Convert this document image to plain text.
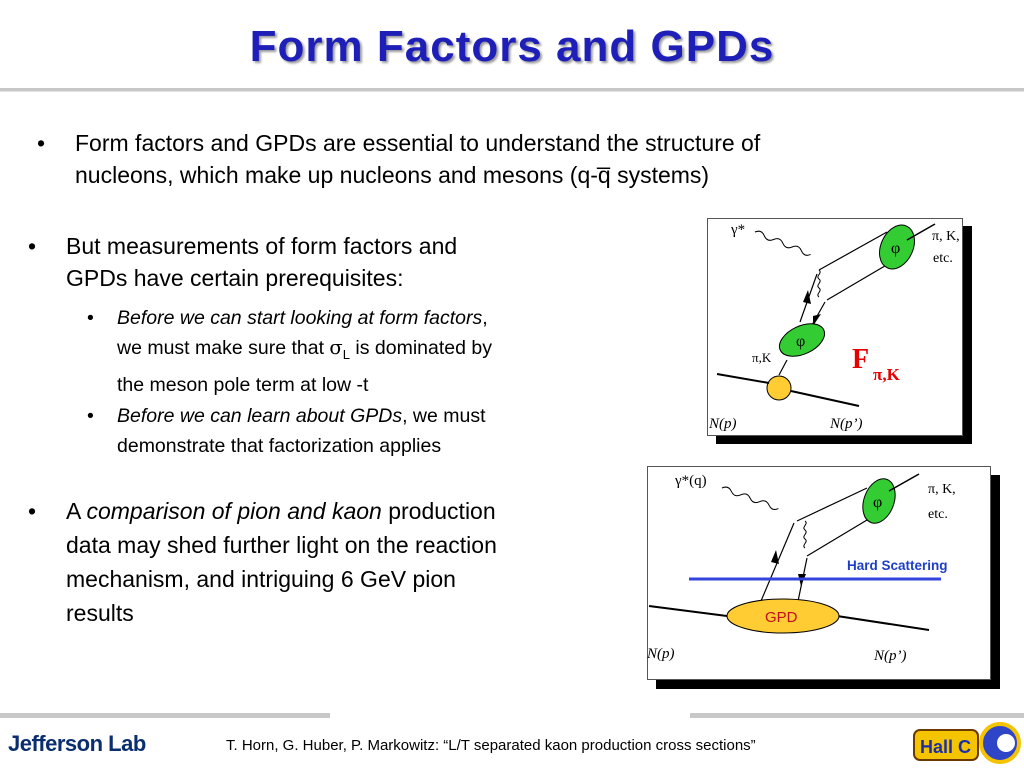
Form Factors and GPDs
• Form factors and GPDs are essential to understand the structure of
nucleons, which make up nucleons and mesons (q-q̅ systems)
• But measurements of form factors and
GPDs have certain prerequisites:
• Before we can start looking at form factors,
we must make sure that $\sigma_L$ is dominated by
the meson pole term at low -t
• Before we can learn about GPDs, we must
demonstrate that factorization applies
• A comparison of pion and kaon production
data may shed further light on the reaction
mechanism, and intriguing 6 GeV pion
results
γ*
φ
π, K,
etc.
φ
π,K
N(p)	N(p’)
F π,K
γ*(q)
φ
π, K,
etc.
Hard Scattering
GPD
N(p)	N(p’)
Jefferson Lab	T. Horn, G. Huber, P. Markowitz: “L/T separated kaon production cross sections”	Hall C
